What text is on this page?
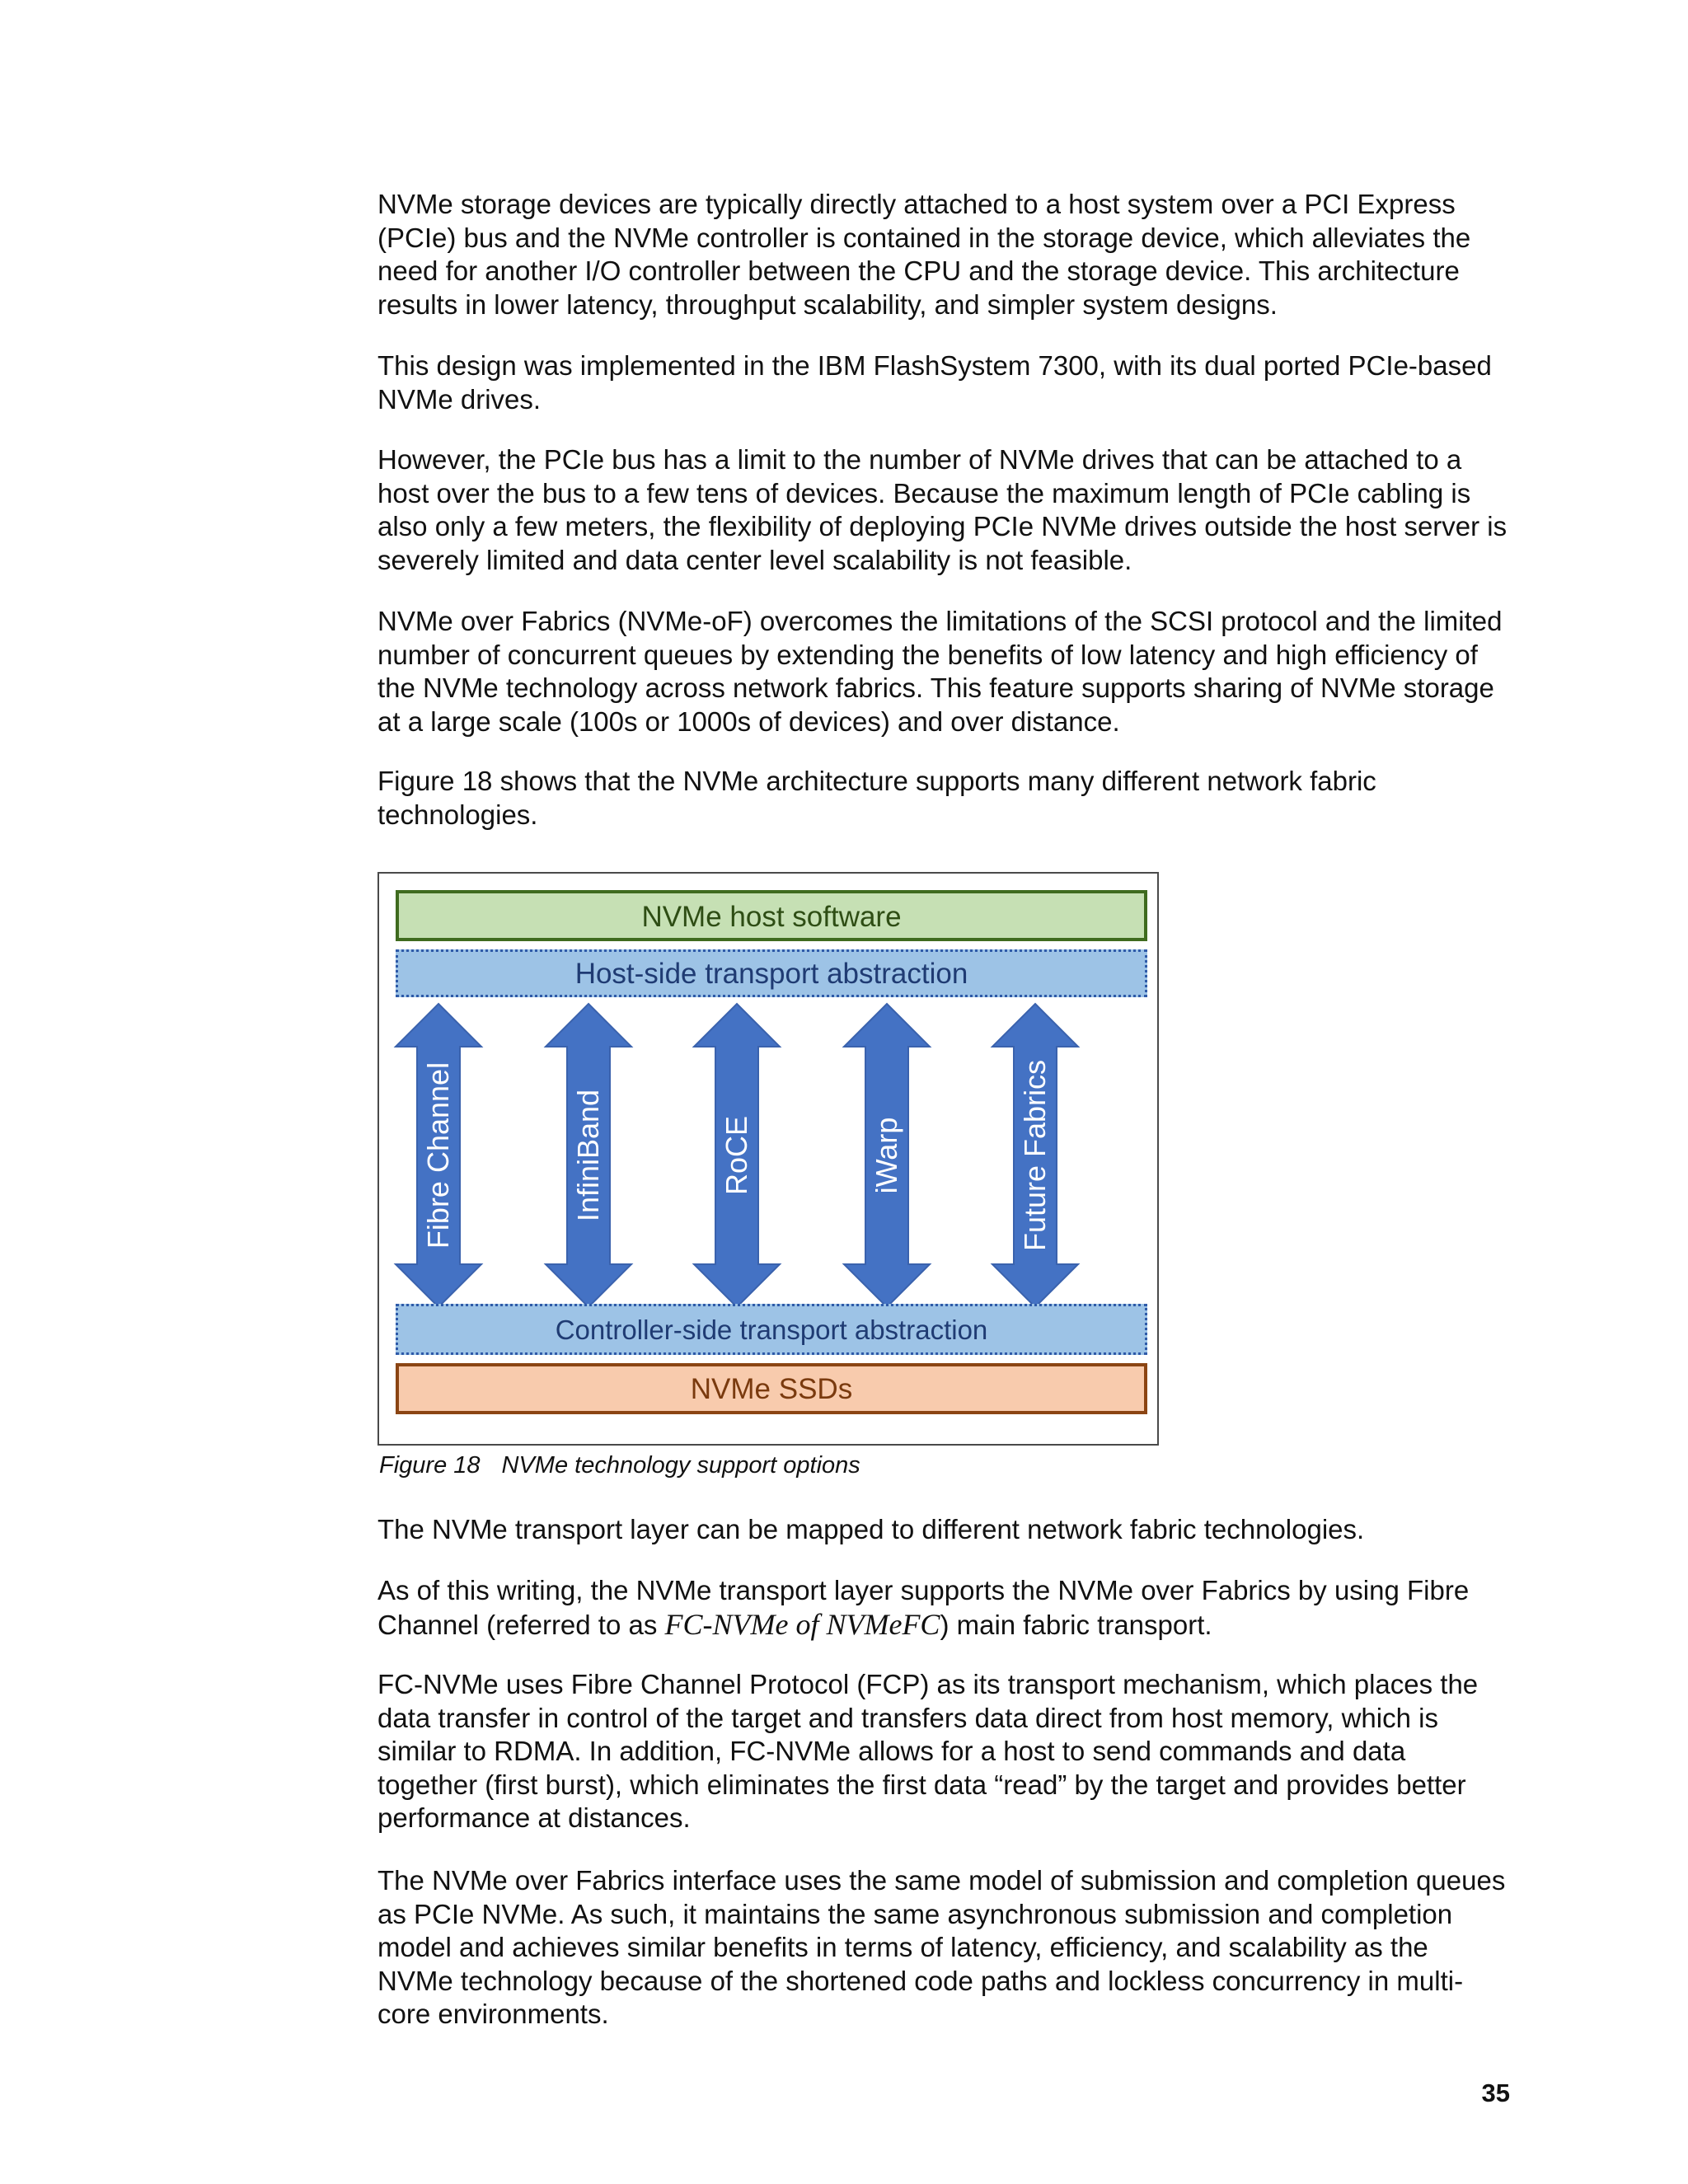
NVMe storage devices are typically directly attached to a host system over a PCI Express (PCIe) bus and the NVMe controller is contained in the storage device, which alleviates the need for another I/O controller between the CPU and the storage device. This architecture results in lower latency, throughput scalability, and simpler system designs.

This design was implemented in the IBM FlashSystem 7300, with its dual ported PCIe-based NVMe drives.

However, the PCIe bus has a limit to the number of NVMe drives that can be attached to a host over the bus to a few tens of devices. Because the maximum length of PCIe cabling is also only a few meters, the flexibility of deploying PCIe NVMe drives outside the host server is severely limited and data center level scalability is not feasible.

NVMe over Fabrics (NVMe-oF) overcomes the limitations of the SCSI protocol and the limited number of concurrent queues by extending the benefits of low latency and high efficiency of the NVMe technology across network fabrics. This feature supports sharing of NVMe storage at a large scale (100s or 1000s of devices) and over distance.

Figure 18 shows that the NVMe architecture supports many different network fabric technologies.

NVMe host software
Host-side transport abstraction
Fibre Channel	InfiniBand	RoCE	iWarp	Future Fabrics
Controller-side transport abstraction
NVMe SSDs
Figure 18 NVMe technology support options

The NVMe transport layer can be mapped to different network fabric technologies.

As of this writing, the NVMe transport layer supports the NVMe over Fabrics by using Fibre Channel (referred to as FC-NVMe of NVMeFC) main fabric transport.

FC-NVMe uses Fibre Channel Protocol (FCP) as its transport mechanism, which places the data transfer in control of the target and transfers data direct from host memory, which is similar to RDMA. In addition, FC-NVMe allows for a host to send commands and data together (first burst), which eliminates the first data “read” by the target and provides better performance at distances.

The NVMe over Fabrics interface uses the same model of submission and completion queues as PCIe NVMe. As such, it maintains the same asynchronous submission and completion model and achieves similar benefits in terms of latency, efficiency, and scalability as the NVMe technology because of the shortened code paths and lockless concurrency in multi-core environments.

35
